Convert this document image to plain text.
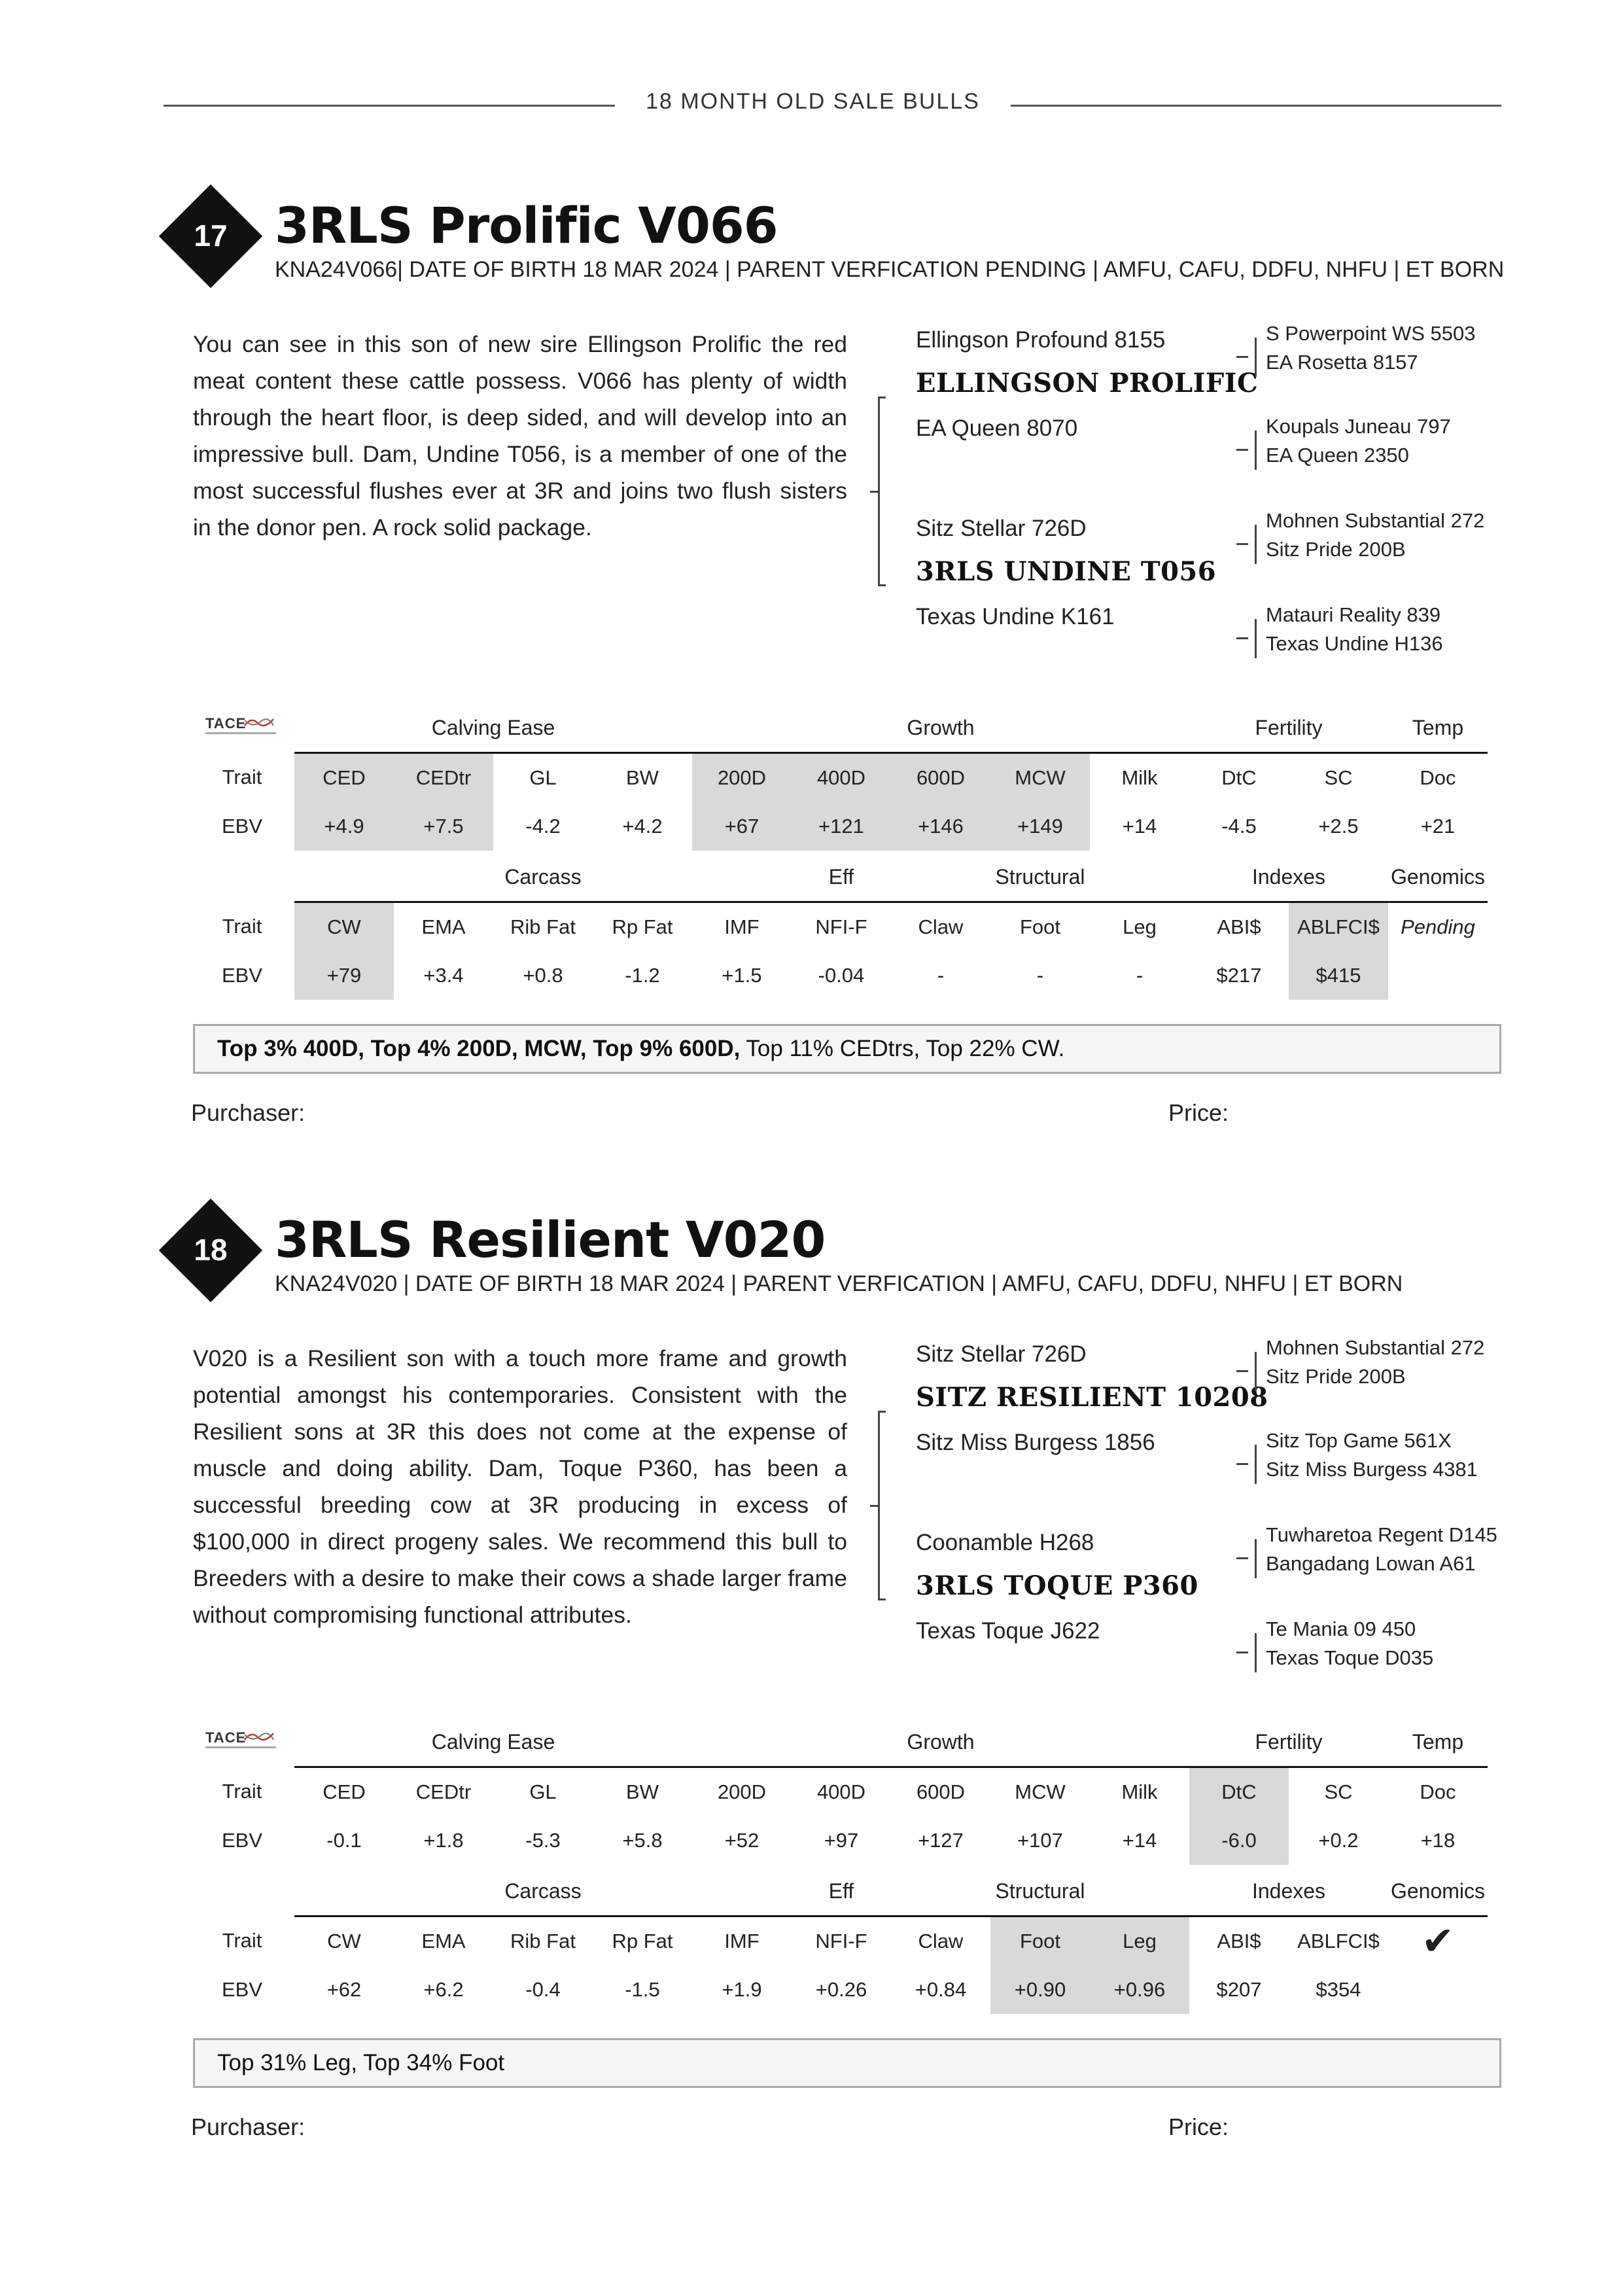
18 MONTH OLD SALE BULLS
17 3RLS Prolific V066
KNA24V066| DATE OF BIRTH 18 MAR 2024 | PARENT VERFICATION PENDING | AMFU, CAFU, DDFU, NHFU | ET BORN
You can see in this son of new sire Ellingson Prolific the red meat content these cattle possess. V066 has plenty of width through the heart floor, is deep sided, and will develop into an impressive bull. Dam, Undine T056, is a member of one of the most successful flushes ever at 3R and joins two flush sisters in the donor pen. A rock solid package.
Ellingson Profound 8155
ELLINGSON PROLIFIC
EA Queen 8070
Sitz Stellar 726D
3RLS UNDINE T056
Texas Undine K161
S Powerpoint WS 5503
EA Rosetta 8157
Koupals Juneau 797
EA Queen 2350
Mohnen Substantial 272
Sitz Pride 200B
Matauri Reality 839
Texas Undine H136
TACE	Calving Ease				Growth					Fertility		Temp
Trait	CED	CEDtr	GL	BW	200D	400D	600D	MCW	Milk	DtC	SC	Doc
EBV	+4.9	+7.5	-4.2	+4.2	+67	+121	+146	+149	+14	-4.5	+2.5	+21
	Carcass					Eff	Structural			Indexes		Genomics
Trait	CW	EMA	Rib Fat	Rp Fat	IMF	NFI-F	Claw	Foot	Leg	ABI$	ABLFCI$	Pending
EBV	+79	+3.4	+0.8	-1.2	+1.5	-0.04	-	-	-	$217	$415	
Top 3% 400D, Top 4% 200D, MCW, Top 9% 600D, Top 11% CEDtrs, Top 22% CW.
Purchaser:	Price:
18 3RLS Resilient V020
KNA24V020 | DATE OF BIRTH 18 MAR 2024 | PARENT VERFICATION | AMFU, CAFU, DDFU, NHFU | ET BORN
V020 is a Resilient son with a touch more frame and growth potential amongst his contemporaries. Consistent with the Resilient sons at 3R this does not come at the expense of muscle and doing ability. Dam, Toque P360, has been a successful breeding cow at 3R producing in excess of $100,000 in direct progeny sales. We recommend this bull to Breeders with a desire to make their cows a shade larger frame without compromising functional attributes.
Sitz Stellar 726D
SITZ RESILIENT 10208
Sitz Miss Burgess 1856
Coonamble H268
3RLS TOQUE P360
Texas Toque J622
Mohnen Substantial 272
Sitz Pride 200B
Sitz Top Game 561X
Sitz Miss Burgess 4381
Tuwharetoa Regent D145
Bangadang Lowan A61
Te Mania 09 450
Texas Toque D035
TACE	Calving Ease				Growth					Fertility		Temp
Trait	CED	CEDtr	GL	BW	200D	400D	600D	MCW	Milk	DtC	SC	Doc
EBV	-0.1	+1.8	-5.3	+5.8	+52	+97	+127	+107	+14	-6.0	+0.2	+18
	Carcass					Eff	Structural			Indexes		Genomics
Trait	CW	EMA	Rib Fat	Rp Fat	IMF	NFI-F	Claw	Foot	Leg	ABI$	ABLFCI$	✔
EBV	+62	+6.2	-0.4	-1.5	+1.9	+0.26	+0.84	+0.90	+0.96	$207	$354	
Top 31% Leg, Top 34% Foot
Purchaser:	Price:
